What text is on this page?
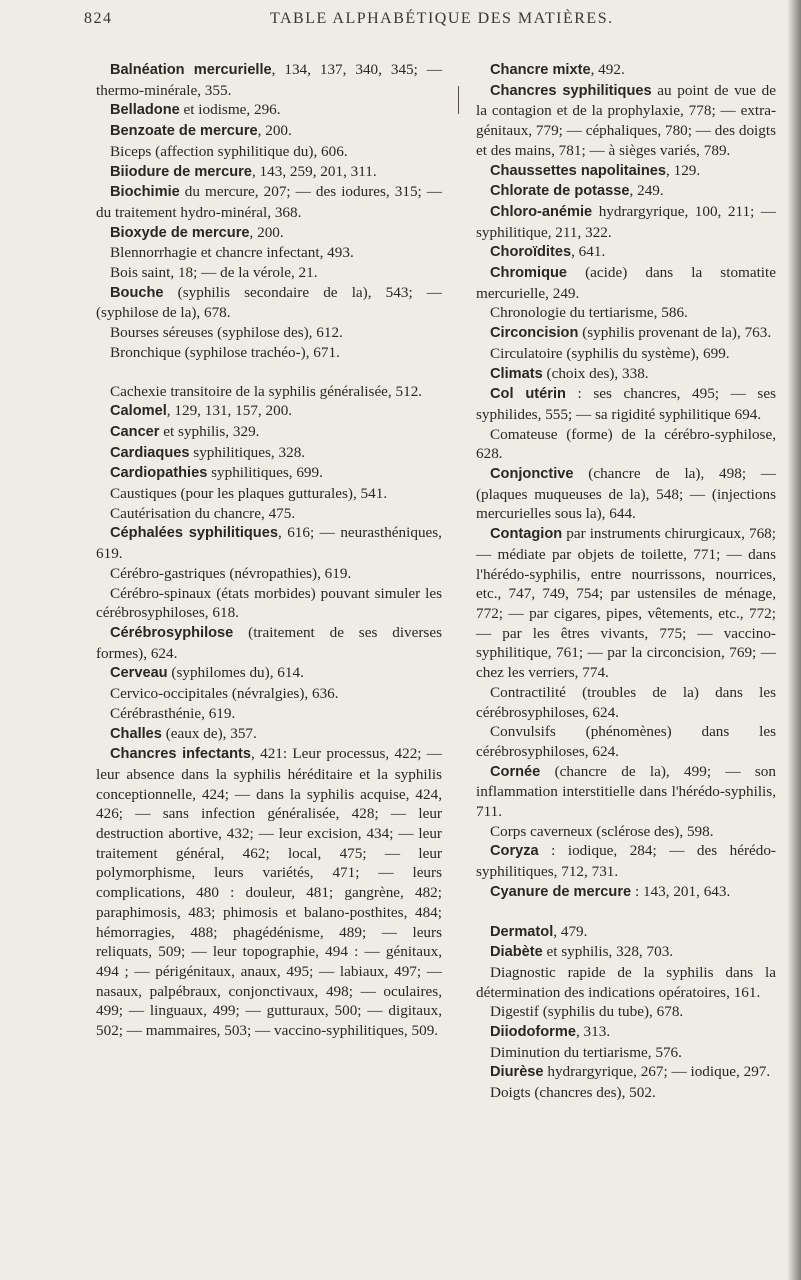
824	TABLE ALPHABÉTIQUE DES MATIÈRES.

Balnéation mercurielle, 134, 137, 340, 345; — thermo-minérale, 355.

Belladone et iodisme, 296.

Benzoate de mercure, 200.

Biceps (affection syphilitique du), 606.

Biiodure de mercure, 143, 259, 201, 311.

Biochimie du mercure, 207; — des iodures, 315; — du traitement hydro-minéral, 368.

Bioxyde de mercure, 200.

Blennorrhagie et chancre infectant, 493.

Bois saint, 18; — de la vérole, 21.

Bouche (syphilis secondaire de la), 543; — (syphilose de la), 678.

Bourses séreuses (syphilose des), 612.

Bronchique (syphilose trachéo-), 671.

Cachexie transitoire de la syphilis généralisée, 512.

Calomel, 129, 131, 157, 200.

Cancer et syphilis, 329.

Cardiaques syphilitiques, 328.

Cardiopathies syphilitiques, 699.

Caustiques (pour les plaques gutturales), 541.

Cautérisation du chancre, 475.

Céphalées syphilitiques, 616; — neurasthéniques, 619.

Cérébro-gastriques (névropathies), 619.

Cérébro-spinaux (états morbides) pouvant simuler les cérébrosyphiloses, 618.

Cérébrosyphilose (traitement de ses diverses formes), 624.

Cerveau (syphilomes du), 614.

Cervico-occipitales (névralgies), 636.

Cérébrasthénie, 619.

Challes (eaux de), 357.

Chancres infectants, 421: Leur processus, 422; — leur absence dans la syphilis héréditaire et la syphilis conceptionnelle, 424; — dans la syphilis acquise, 424, 426; — sans infection généralisée, 428; — leur destruction abortive, 432; — leur excision, 434; — leur traitement général, 462; local, 475; — leur polymorphisme, leurs variétés, 471; — leurs complications, 480 : douleur, 481; gangrène, 482; paraphimosis, 483; phimosis et balano-posthites, 484; hémorragies, 488; phagédénisme, 489; — leurs reliquats, 509; — leur topographie, 494 : — génitaux, 494 ; — périgénitaux, anaux, 495; — labiaux, 497; — nasaux, palpébraux, conjonctivaux, 498; — oculaires, 499; — linguaux, 499; — gutturaux, 500; — digitaux, 502; — mammaires, 503; — vaccino-syphilitiques, 509.

Chancre mixte, 492.

Chancres syphilitiques au point de vue de la contagion et de la prophylaxie, 778; — extra-génitaux, 779; — céphaliques, 780; — des doigts et des mains, 781; — à sièges variés, 789.

Chaussettes napolitaines, 129.

Chlorate de potasse, 249.

Chloro-anémie hydrargyrique, 100, 211; — syphilitique, 211, 322.

Choroïdites, 641.

Chromique (acide) dans la stomatite mercurielle, 249.

Chronologie du tertiarisme, 586.

Circoncision (syphilis provenant de la), 763.

Circulatoire (syphilis du système), 699.

Climats (choix des), 338.

Col utérin : ses chancres, 495; — ses syphilides, 555; — sa rigidité syphilitique 694.

Comateuse (forme) de la cérébro-syphilose, 628.

Conjonctive (chancre de la), 498; — (plaques muqueuses de la), 548; — (injections mercurielles sous la), 644.

Contagion par instruments chirurgicaux, 768; — médiate par objets de toilette, 771; — dans l'hérédo-syphilis, entre nourrissons, nourrices, etc., 747, 749, 754; par ustensiles de ménage, 772; — par cigares, pipes, vêtements, etc., 772; — par les êtres vivants, 775; — vaccino-syphilitique, 761; — par la circoncision, 769; — chez les verriers, 774.

Contractilité (troubles de la) dans les cérébrosyphiloses, 624.

Convulsifs (phénomènes) dans les cérébrosyphiloses, 624.

Cornée (chancre de la), 499; — son inflammation interstitielle dans l'hérédo-syphilis, 711.

Corps caverneux (sclérose des), 598.

Coryza : iodique, 284; — des hérédo-syphilitiques, 712, 731.

Cyanure de mercure : 143, 201, 643.

Dermatol, 479.

Diabète et syphilis, 328, 703.

Diagnostic rapide de la syphilis dans la détermination des indications opératoires, 161.

Digestif (syphilis du tube), 678.

Diiodoforme, 313.

Diminution du tertiarisme, 576.

Diurèse hydrargyrique, 267; — iodique, 297.

Doigts (chancres des), 502.
